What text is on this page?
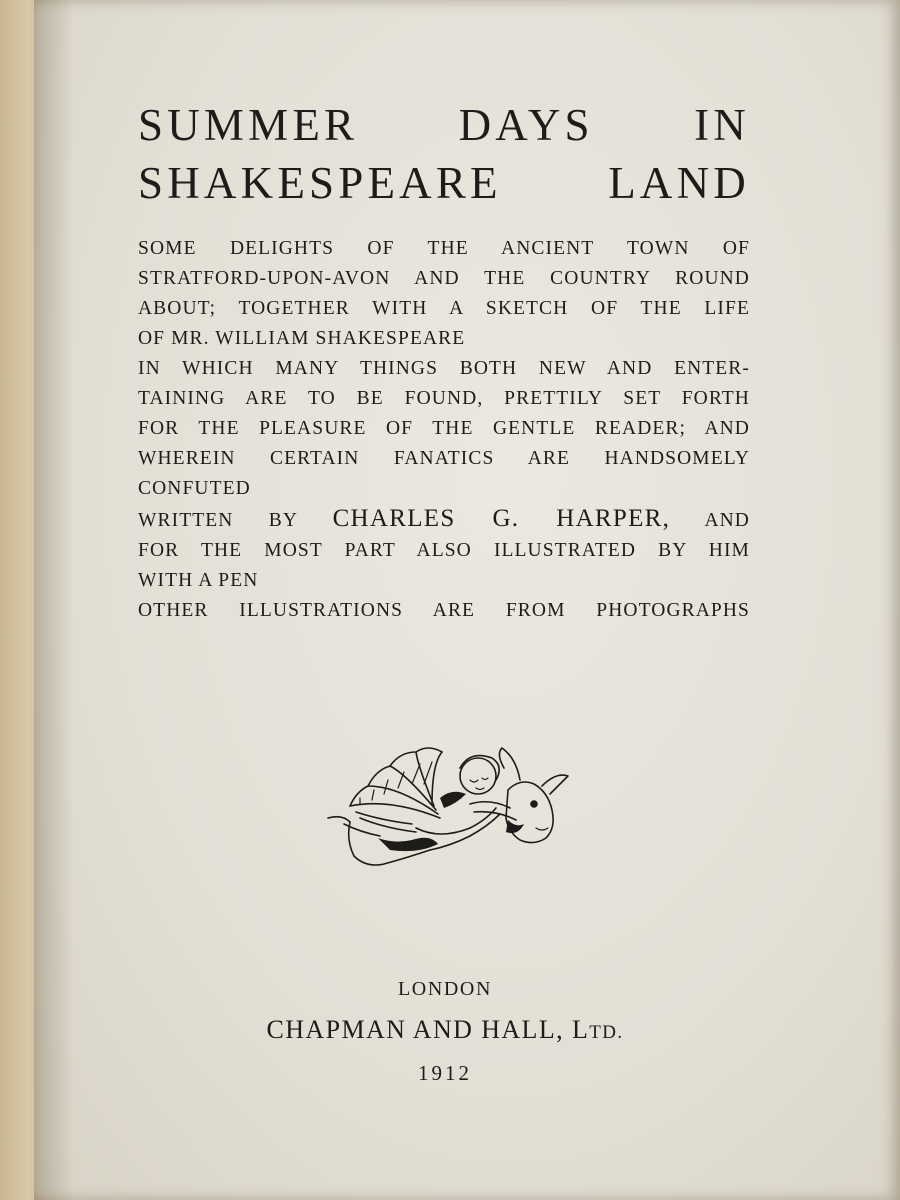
SUMMER DAYS IN
SHAKESPEARE LAND
SOME DELIGHTS OF THE ANCIENT TOWN OF
STRATFORD-UPON-AVON AND THE COUNTRY ROUND
ABOUT; TOGETHER WITH A SKETCH OF THE LIFE
OF MR. WILLIAM SHAKESPEARE
IN WHICH MANY THINGS BOTH NEW AND ENTER-
TAINING ARE TO BE FOUND, PRETTILY SET FORTH
FOR THE PLEASURE OF THE GENTLE READER; AND
WHEREIN CERTAIN FANATICS ARE HANDSOMELY
CONFUTED
WRITTEN BY CHARLES G. HARPER, AND
FOR THE MOST PART ALSO ILLUSTRATED BY HIM
WITH A PEN
OTHER ILLUSTRATIONS ARE FROM PHOTOGRAPHS
LONDON
CHAPMAN AND HALL, LTD.
1912
